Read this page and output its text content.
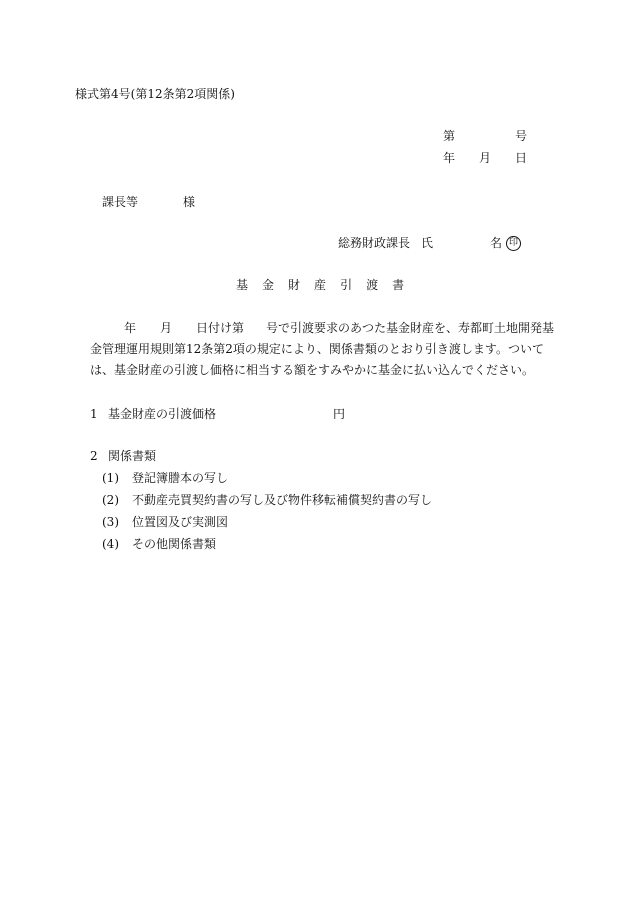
様式第4号(第12条第2項関係)
第	号
年 月 日
課長等	様
総務財政課長 氏	名 印
基 金 財 産 引 渡 書
年 月 日付け第 号で引渡要求のあつた基金財産を、寿都町土地開発基
金管理運用規則第12条第2項の規定により、関係書類のとおり引き渡します。ついて
は、基金財産の引渡し価格に相当する額をすみやかに基金に払い込んでください。
1 基金財産の引渡価格	円
2 関係書類
(1) 登記簿謄本の写し
(2) 不動産売買契約書の写し及び物件移転補償契約書の写し
(3) 位置図及び実測図
(4) その他関係書類
